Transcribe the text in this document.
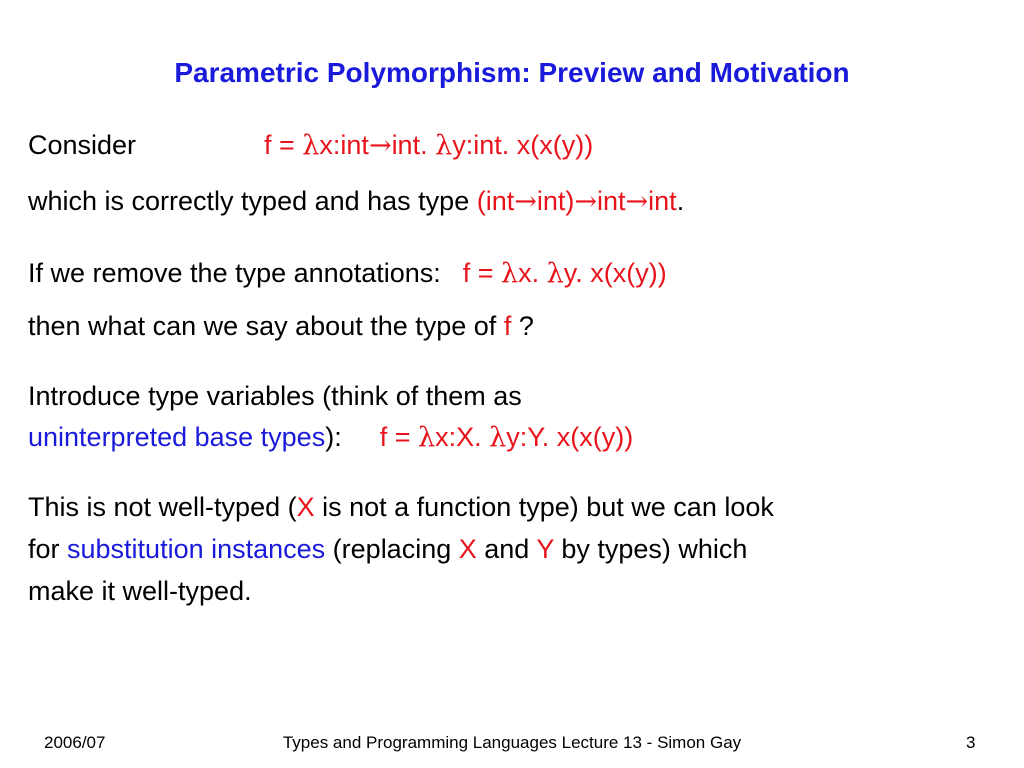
Parametric Polymorphism: Preview and Motivation
Consider	f = λx:int→int. λy:int. x(x(y))
which is correctly typed and has type (int→int)→int→int.
If we remove the type annotations: f = λx. λy. x(x(y))
then what can we say about the type of f ?
Introduce type variables (think of them as
uninterpreted base types): f = λx:X. λy:Y. x(x(y))
This is not well-typed (X is not a function type) but we can look
for substitution instances (replacing X and Y by types) which
make it well-typed.
2006/07	Types and Programming Languages Lecture 13 - Simon Gay	3
